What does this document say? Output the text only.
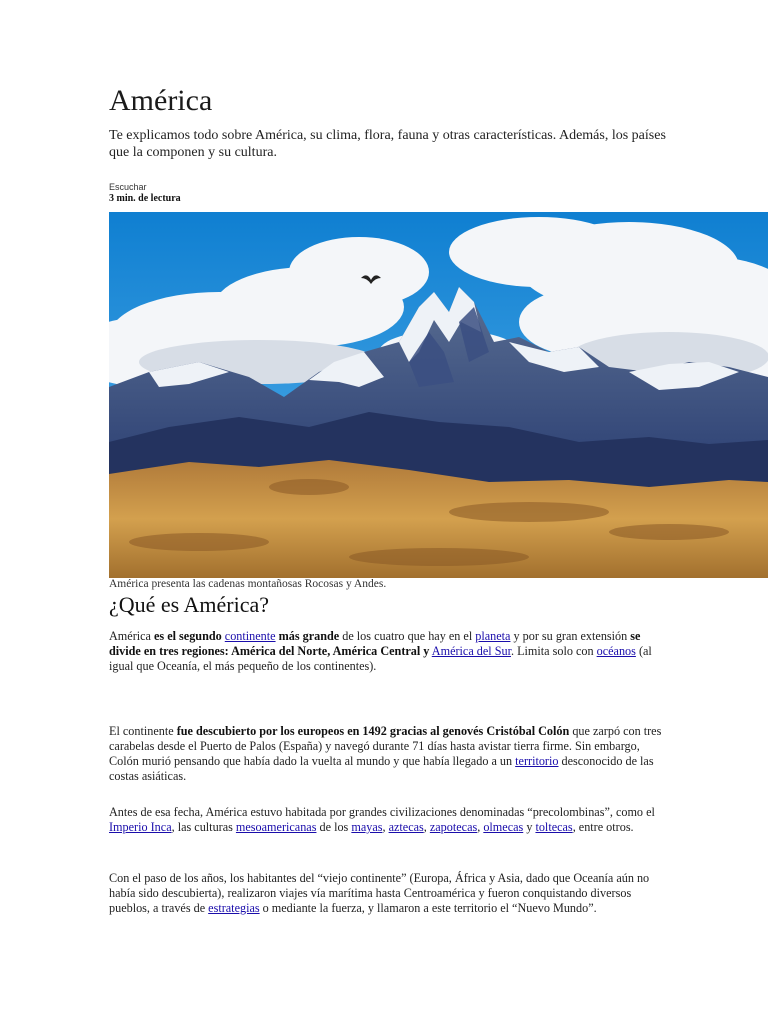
América

Te explicamos todo sobre América, su clima, flora, fauna y otras características. Además, los países que la componen y su cultura.

Escuchar
3 min. de lectura
América presenta las cadenas montañosas Rocosas y Andes.
¿Qué es América?

América es el segundo continente más grande de los cuatro que hay en el planeta y por su gran extensión se divide en tres regiones: América del Norte, América Central y América del Sur. Limita solo con océanos (al igual que Oceanía, el más pequeño de los continentes).

El continente fue descubierto por los europeos en 1492 gracias al genovés Cristóbal Colón que zarpó con tres carabelas desde el Puerto de Palos (España) y navegó durante 71 días hasta avistar tierra firme. Sin embargo, Colón murió pensando que había dado la vuelta al mundo y que había llegado a un territorio desconocido de las costas asiáticas.

Antes de esa fecha, América estuvo habitada por grandes civilizaciones denominadas “precolombinas”, como el Imperio Inca, las culturas mesoamericanas de los mayas, aztecas, zapotecas, olmecas y toltecas, entre otros.

Con el paso de los años, los habitantes del “viejo continente” (Europa, África y Asia, dado que Oceanía aún no había sido descubierta), realizaron viajes vía marítima hasta Centroamérica y fueron conquistando diversos pueblos, a través de estrategias o mediante la fuerza, y llamaron a este territorio el “Nuevo Mundo”.
